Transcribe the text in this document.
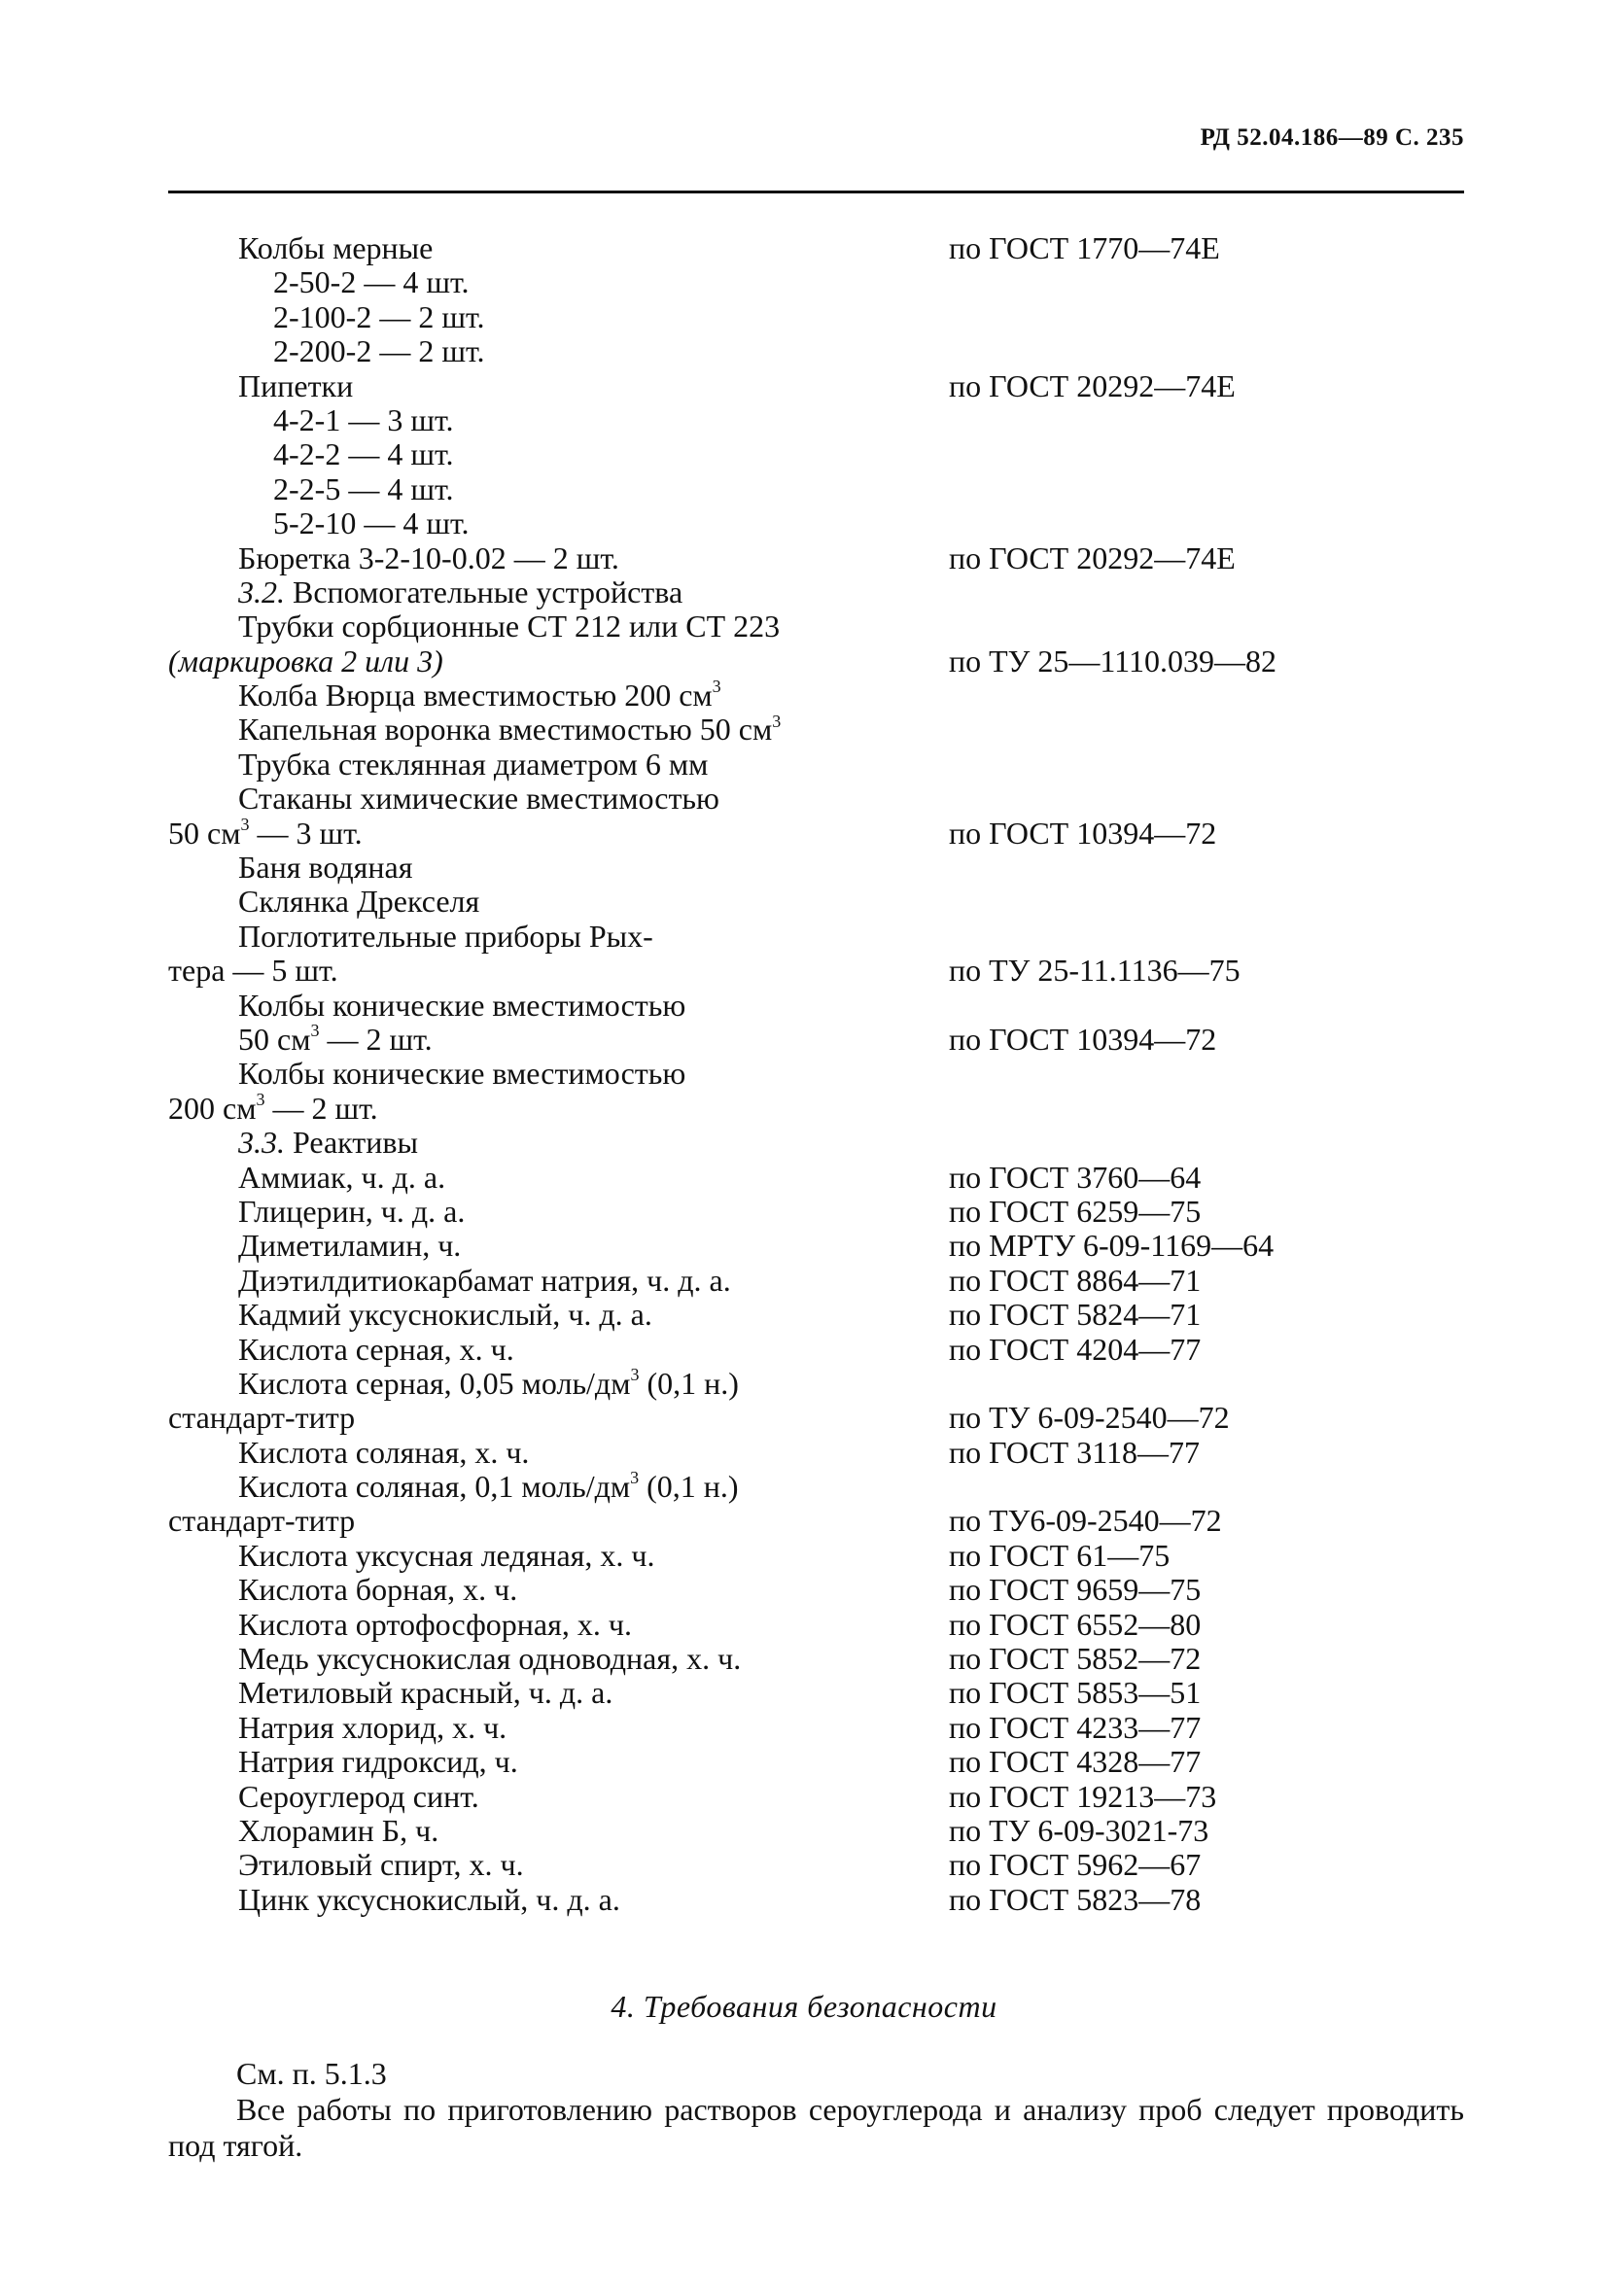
РД 52.04.186—89 С. 235
Колбы мерные	по ГОСТ 1770—74Е
2-50-2 — 4 шт.
2-100-2 — 2 шт.
2-200-2 — 2 шт.
Пипетки	по ГОСТ 20292—74Е
4-2-1 — 3 шт.
4-2-2 — 4 шт.
2-2-5 — 4 шт.
5-2-10 — 4 шт.
Бюретка 3-2-10-0.02 — 2 шт.	по ГОСТ 20292—74Е
3.2. Вспомогательные устройства
Трубки сорбционные СТ 212 или СТ 223
(маркировка 2 или 3)	по ТУ 25—1110.039—82
Колба Вюрца вместимостью 200 $см^3$
Капельная воронка вместимостью 50 $см^3$
Трубка стеклянная диаметром 6 мм
Стаканы химические вместимостью
50 $см^3$ — 3 шт.	по ГОСТ 10394—72
Баня водяная
Склянка Дрекселя
Поглотительные приборы Рых-
тера — 5 шт.	по ТУ 25-11.1136—75
Колбы конические вместимостью
50 $см^3$ — 2 шт.	по ГОСТ 10394—72
Колбы конические вместимостью
200 $см^3$ — 2 шт.
3.3. Реактивы
Аммиак, ч. д. а.	по ГОСТ 3760—64
Глицерин, ч. д. а.	по ГОСТ 6259—75
Диметиламин, ч.	по МРТУ 6-09-1169—64
Диэтилдитиокарбамат натрия, ч. д. а.	по ГОСТ 8864—71
Кадмий уксуснокислый, ч. д. а.	по ГОСТ 5824—71
Кислота серная, х. ч.	по ГОСТ 4204—77
Кислота серная, 0,05 моль/$дм^3$ (0,1 н.)
стандарт-титр	по ТУ 6-09-2540—72
Кислота соляная, х. ч.	по ГОСТ 3118—77
Кислота соляная, 0,1 моль/$дм^3$ (0,1 н.)
стандарт-титр	по ТУ6-09-2540—72
Кислота уксусная ледяная, х. ч.	по ГОСТ 61—75
Кислота борная, х. ч.	по ГОСТ 9659—75
Кислота ортофосфорная, х. ч.	по ГОСТ 6552—80
Медь уксуснокислая одноводная, х. ч.	по ГОСТ 5852—72
Метиловый красный, ч. д. а.	по ГОСТ 5853—51
Натрия хлорид, х. ч.	по ГОСТ 4233—77
Натрия гидроксид, ч.	по ГОСТ 4328—77
Сероуглерод синт.	по ГОСТ 19213—73
Хлорамин Б, ч.	по ТУ 6-09-3021-73
Этиловый спирт, х. ч.	по ГОСТ 5962—67
Цинк уксуснокислый, ч. д. а.	по ГОСТ 5823—78
4. Требования безопасности
См. п. 5.1.3
Все работы по приготовлению растворов сероуглерода и анализу проб следует проводить под тягой.
